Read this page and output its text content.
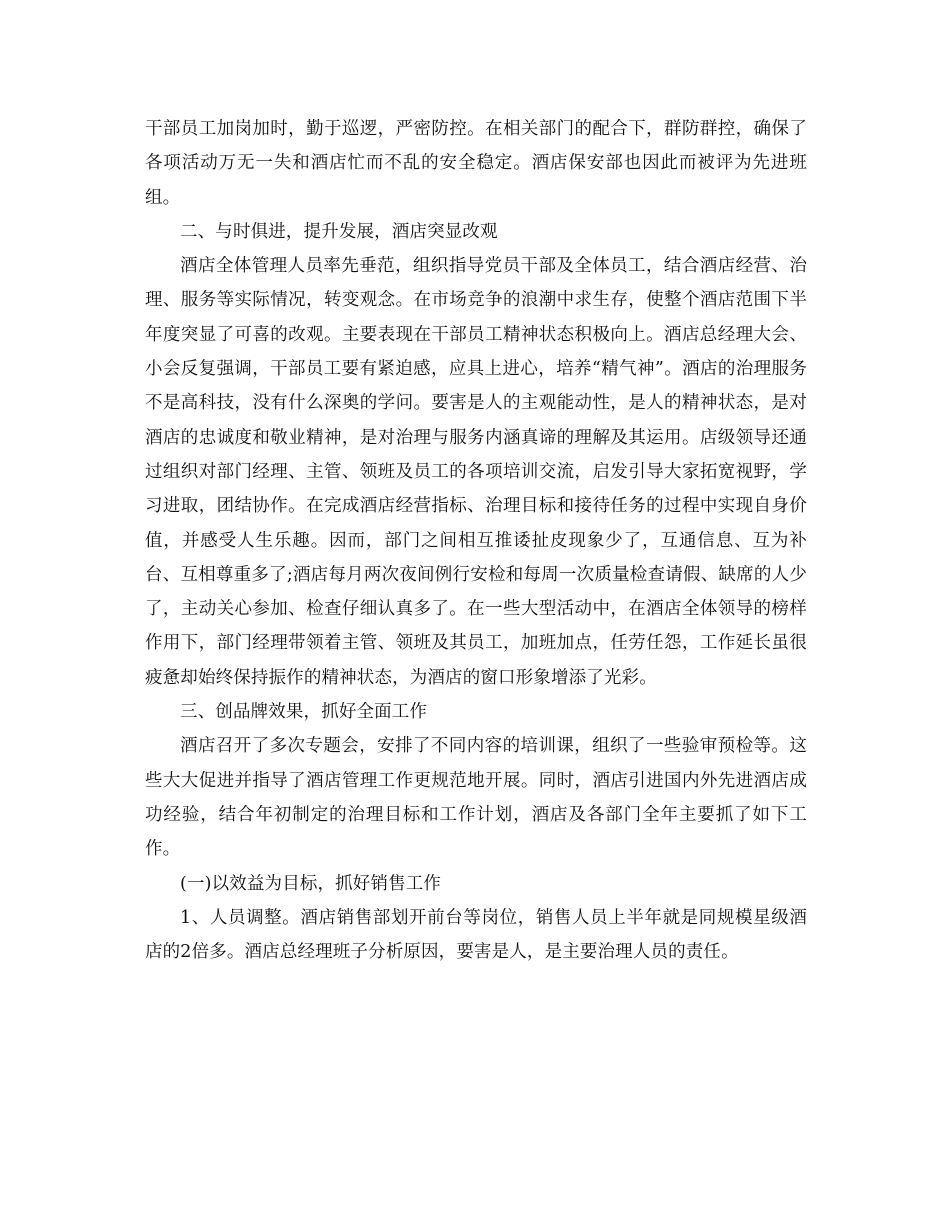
干部员工加岗加时，勤于巡逻，严密防控。在相关部门的配合下，群防群控，确保了各项活动万无一失和酒店忙而不乱的安全稳定。酒店保安部也因此而被评为先进班组。

二、与时俱进，提升发展，酒店突显改观

酒店全体管理人员率先垂范，组织指导党员干部及全体员工，结合酒店经营、治理、服务等实际情况，转变观念。在市场竞争的浪潮中求生存，使整个酒店范围下半年度突显了可喜的改观。主要表现在干部员工精神状态积极向上。酒店总经理大会、小会反复强调，干部员工要有紧迫感，应具上进心，培养“精气神”。酒店的治理服务不是高科技，没有什么深奥的学问。要害是人的主观能动性，是人的精神状态，是对酒店的忠诚度和敬业精神，是对治理与服务内涵真谛的理解及其运用。店级领导还通过组织对部门经理、主管、领班及员工的各项培训交流，启发引导大家拓宽视野，学习进取，团结协作。在完成酒店经营指标、治理目标和接待任务的过程中实现自身价值，并感受人生乐趣。因而，部门之间相互推诿扯皮现象少了，互通信息、互为补台、互相尊重多了;酒店每月两次夜间例行安检和每周一次质量检查请假、缺席的人少了，主动关心参加、检查仔细认真多了。在一些大型活动中，在酒店全体领导的榜样作用下，部门经理带领着主管、领班及其员工，加班加点，任劳任怨，工作延长虽很疲惫却始终保持振作的精神状态，为酒店的窗口形象增添了光彩。

三、创品牌效果，抓好全面工作

酒店召开了多次专题会，安排了不同内容的培训课，组织了一些验审预检等。这些大大促进并指导了酒店管理工作更规范地开展。同时，酒店引进国内外先进酒店成功经验，结合年初制定的治理目标和工作计划，酒店及各部门全年主要抓了如下工作。

(一)以效益为目标，抓好销售工作

1、人员调整。酒店销售部划开前台等岗位，销售人员上半年就是同规模星级酒店的2倍多。酒店总经理班子分析原因，要害是人，是主要治理人员的责任。
